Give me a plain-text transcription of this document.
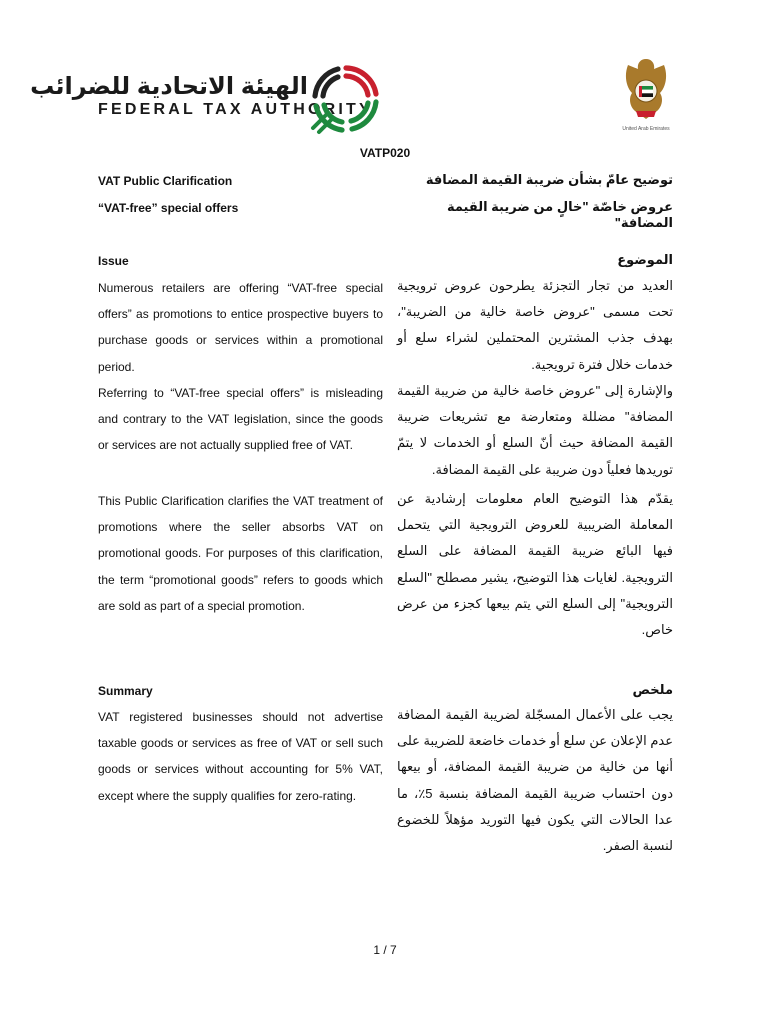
الهيئة الاتحادية للضرائب
FEDERAL TAX AUTHORITY
United Arab Emirates
VATP020
VAT Public Clarification
“VAT-free” special offers
توضيح عامّ بشأن ضريبة القيمة المضافة
عروض خاصّة "خالٍ من ضريبة القيمة المضافة"
Issue	الموضوع

Numerous retailers are offering “VAT-free special offers” as promotions to entice prospective buyers to purchase goods or services within a promotional period.

Referring to “VAT-free special offers” is misleading and contrary to the VAT legislation, since the goods or services are not actually supplied free of VAT.

This Public Clarification clarifies the VAT treatment of promotions where the seller absorbs VAT on promotional goods. For purposes of this clarification, the term “promotional goods” refers to goods which are sold as part of a special promotion.

العديد من تجار التجزئة يطرحون عروض ترويجية تحت مسمى "عروض خاصة خالية من الضريبة"، بهدف جذب المشترين المحتملين لشراء سلع أو خدمات خلال فترة ترويجية.

والإشارة إلى "عروض خاصة خالية من ضريبة القيمة المضافة" مضللة ومتعارضة مع تشريعات ضريبة القيمة المضافة حيث أنّ السلع أو الخدمات لا يتمّ توريدها فعلياً دون ضريبة على القيمة المضافة.

يقدّم هذا التوضيح العام معلومات إرشادية عن المعاملة الضريبية للعروض الترويجية التي يتحمل فيها البائع ضريبة القيمة المضافة على السلع الترويجية. لغايات هذا التوضيح، يشير مصطلح "السلع الترويجية" إلى السلع التي يتم بيعها كجزء من عرض خاص.

Summary	ملخص

VAT registered businesses should not advertise taxable goods or services as free of VAT or sell such goods or services without accounting for 5% VAT, except where the supply qualifies for zero-rating.

يجب على الأعمال المسجّلة لضريبة القيمة المضافة عدم الإعلان عن سلع أو خدمات خاضعة للضريبة على أنها من خالية من ضريبة القيمة المضافة، أو بيعها دون احتساب ضريبة القيمة المضافة بنسبة 5٪، ما عدا الحالات التي يكون فيها التوريد مؤهلاً للخضوع لنسبة الصفر.

1 / 7
